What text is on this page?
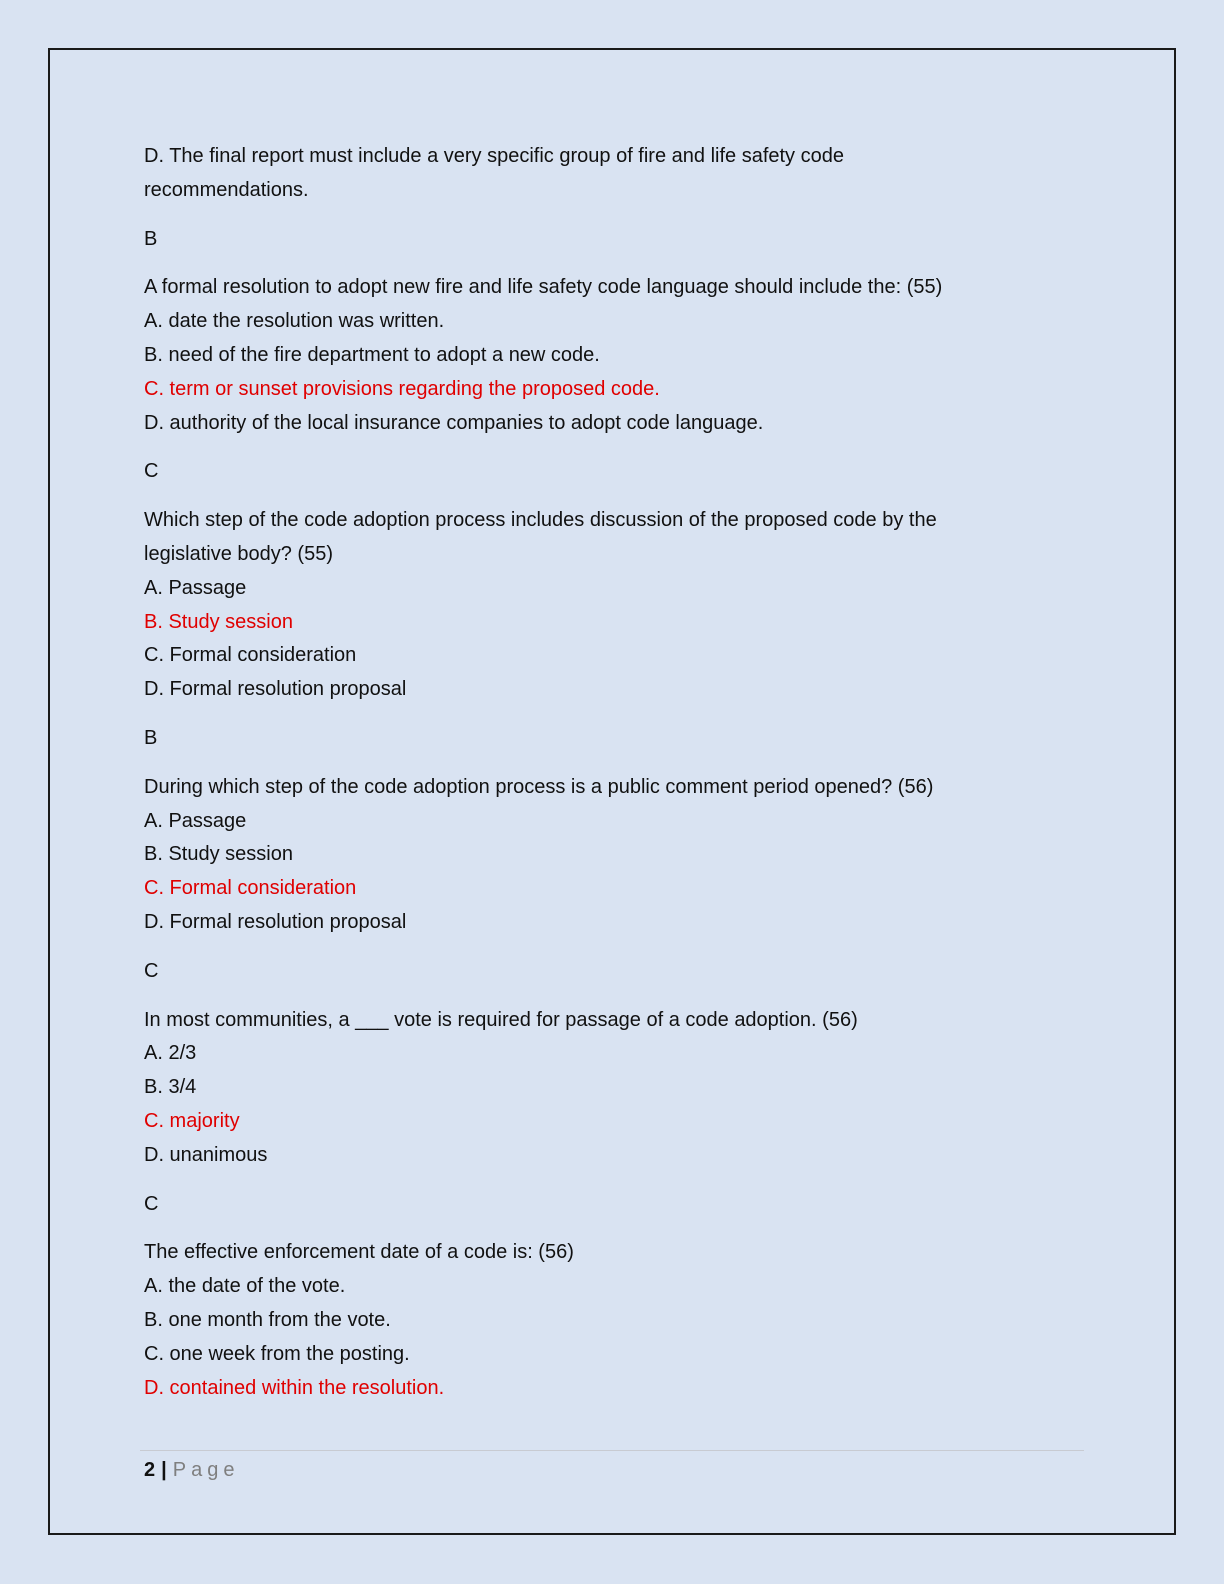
D. The final report must include a very specific group of fire and life safety code recommendations.
B
A formal resolution to adopt new fire and life safety code language should include the: (55)
A. date the resolution was written.
B. need of the fire department to adopt a new code.
C. term or sunset provisions regarding the proposed code.
D. authority of the local insurance companies to adopt code language.
C
Which step of the code adoption process includes discussion of the proposed code by the legislative body? (55)
A. Passage
B. Study session
C. Formal consideration
D. Formal resolution proposal
B
During which step of the code adoption process is a public comment period opened? (56)
A. Passage
B. Study session
C. Formal consideration
D. Formal resolution proposal
C
In most communities, a ___ vote is required for passage of a code adoption. (56)
A. 2/3
B. 3/4
C. majority
D. unanimous
C
The effective enforcement date of a code is: (56)
A. the date of the vote.
B. one month from the vote.
C. one week from the posting.
D. contained within the resolution.
2 | Page
